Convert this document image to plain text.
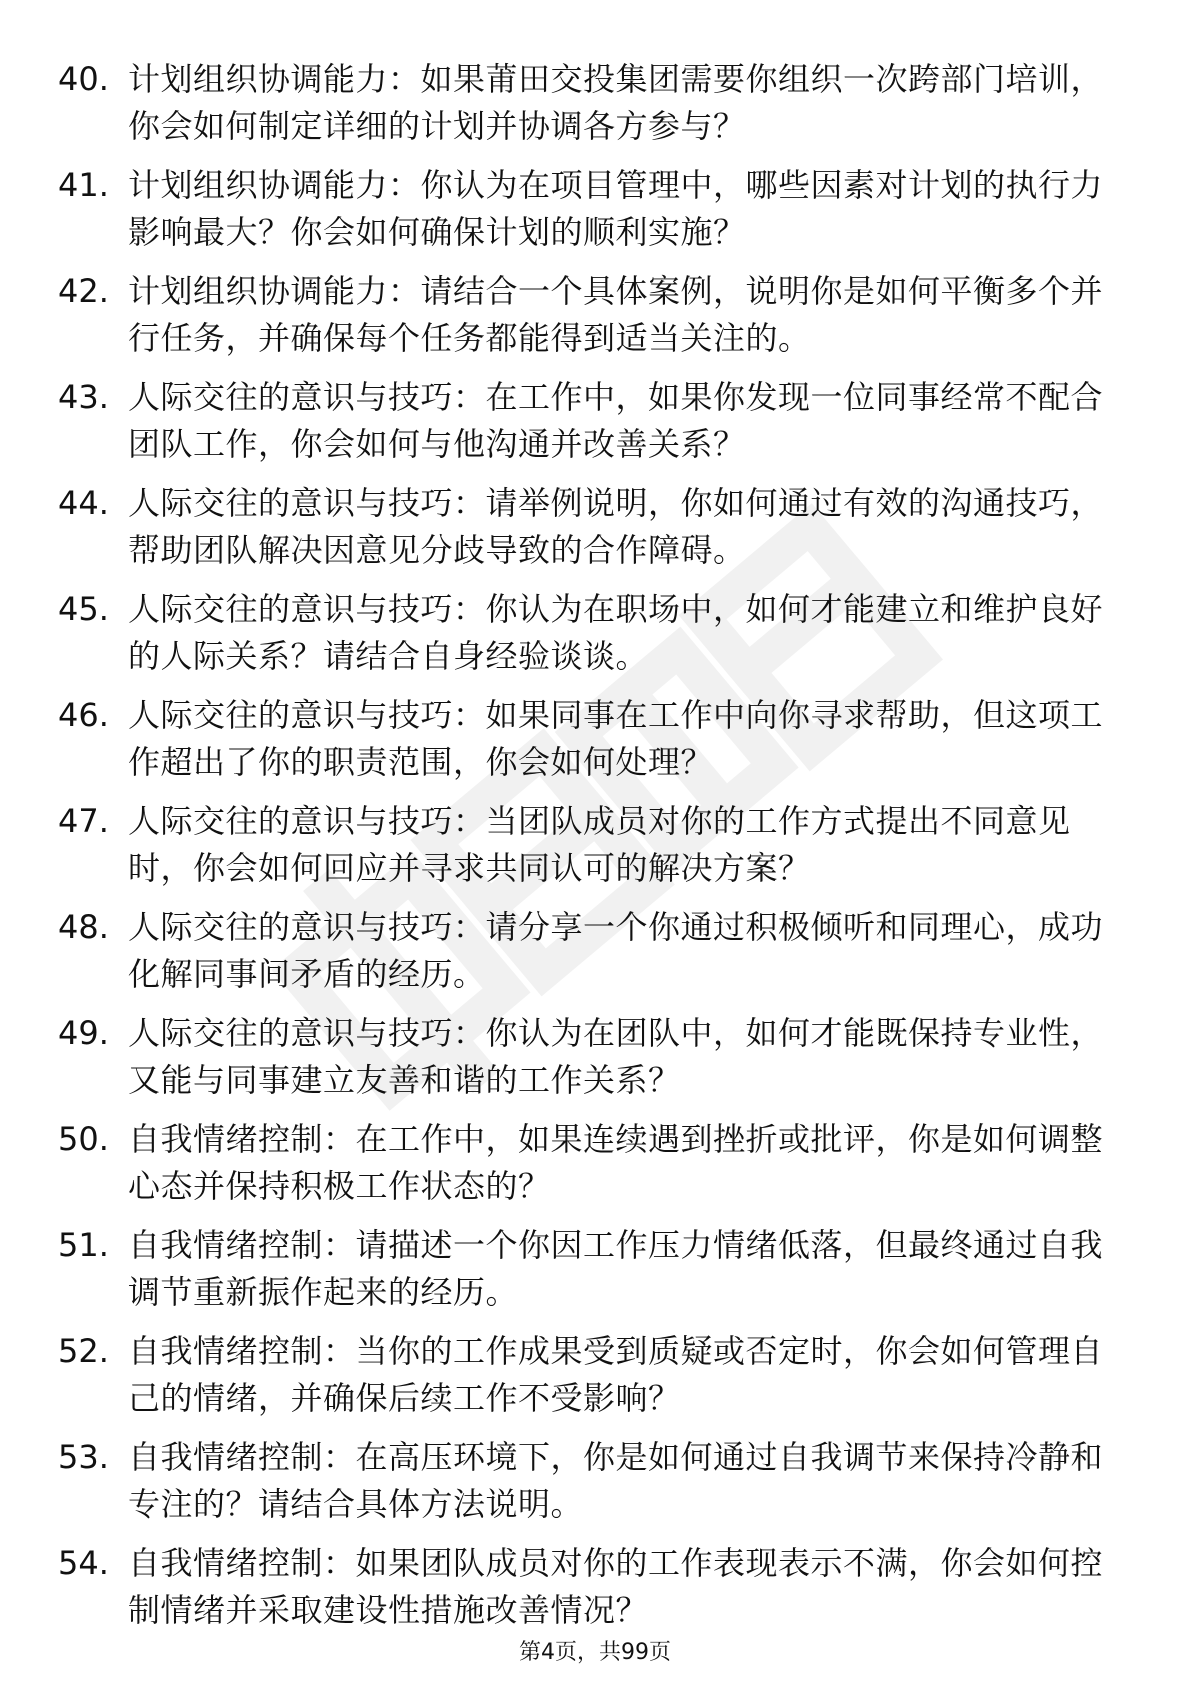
40. 计划组织协调能力：如果莆田交投集团需要你组织一次跨部门培训，你会如何制定详细的计划并协调各方参与？
41. 计划组织协调能力：你认为在项目管理中，哪些因素对计划的执行力影响最大？你会如何确保计划的顺利实施？
42. 计划组织协调能力：请结合一个具体案例，说明你是如何平衡多个并行任务，并确保每个任务都能得到适当关注的。
43. 人际交往的意识与技巧：在工作中，如果你发现一位同事经常不配合团队工作，你会如何与他沟通并改善关系？
44. 人际交往的意识与技巧：请举例说明，你如何通过有效的沟通技巧，帮助团队解决因意见分歧导致的合作障碍。
45. 人际交往的意识与技巧：你认为在职场中，如何才能建立和维护良好的人际关系？请结合自身经验谈谈。
46. 人际交往的意识与技巧：如果同事在工作中向你寻求帮助，但这项工作超出了你的职责范围，你会如何处理？
47. 人际交往的意识与技巧：当团队成员对你的工作方式提出不同意见时，你会如何回应并寻求共同认可的解决方案？
48. 人际交往的意识与技巧：请分享一个你通过积极倾听和同理心，成功化解同事间矛盾的经历。
49. 人际交往的意识与技巧：你认为在团队中，如何才能既保持专业性，又能与同事建立友善和谐的工作关系？
50. 自我情绪控制：在工作中，如果连续遇到挫折或批评，你是如何调整心态并保持积极工作状态的？
51. 自我情绪控制：请描述一个你因工作压力情绪低落，但最终通过自我调节重新振作起来的经历。
52. 自我情绪控制：当你的工作成果受到质疑或否定时，你会如何管理自己的情绪，并确保后续工作不受影响？
53. 自我情绪控制：在高压环境下，你是如何通过自我调节来保持冷静和专注的？请结合具体方法说明。
54. 自我情绪控制：如果团队成员对你的工作表现表示不满，你会如何控制情绪并采取建设性措施改善情况？
第4页，共99页
